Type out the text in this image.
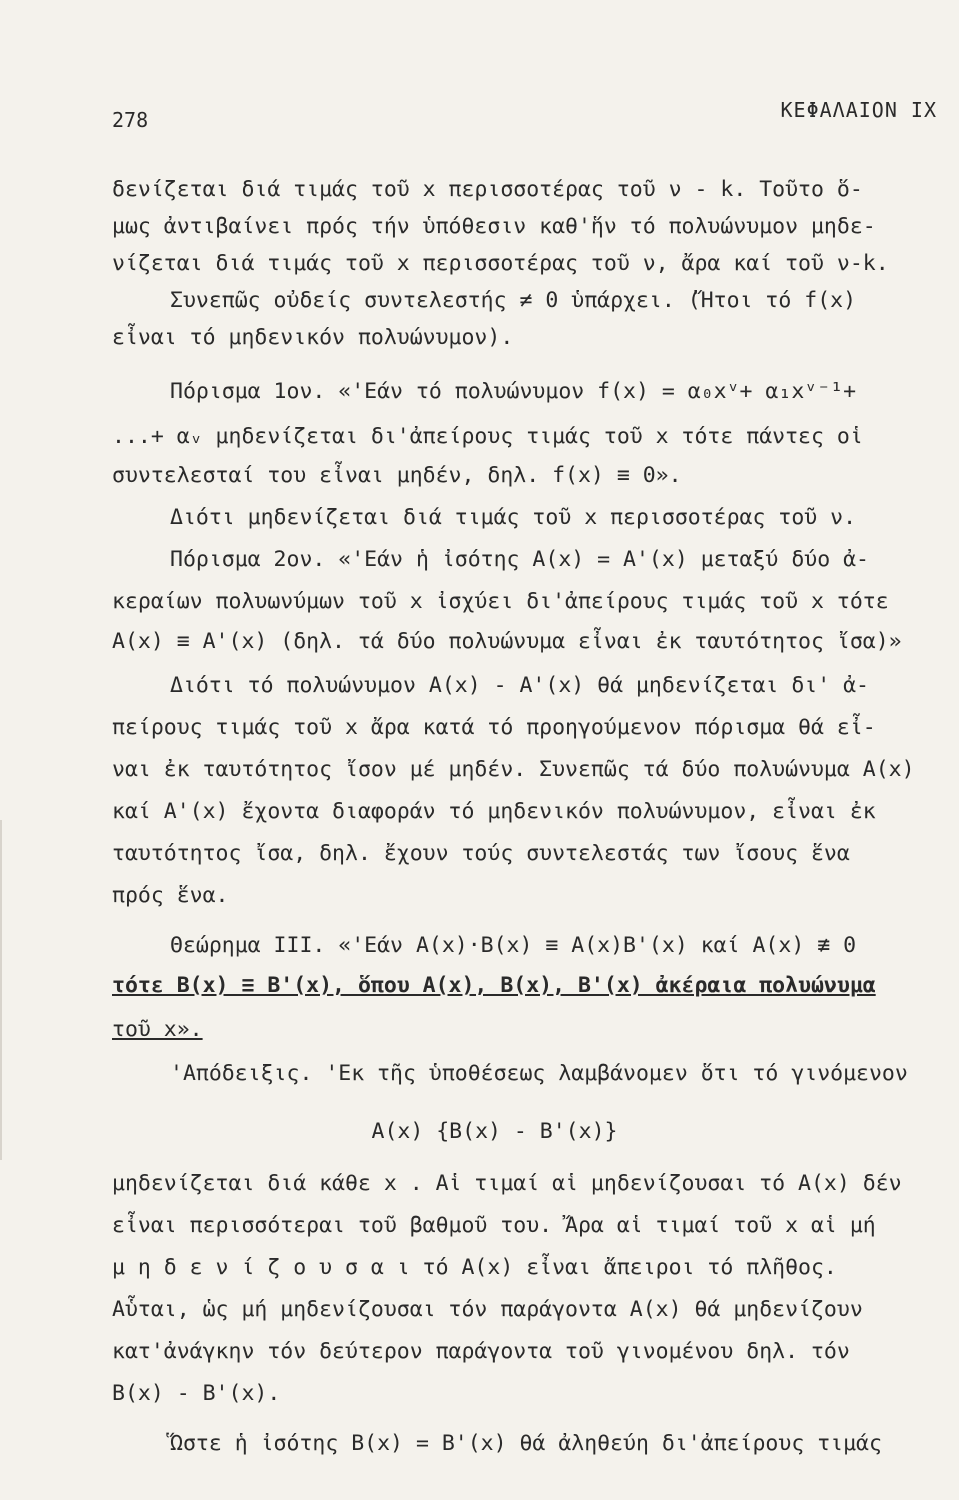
278	ΚΕΦΑΛΑΙΟΝ IX
δενίζεται διά τιμάς τοῦ x περισσοτέρας τοῦ ν - k. Τοῦτο ὅ-
μως ἀντιβαίνει πρός τήν ὑπόθεσιν καθ'ἥν τό πολυώνυμον μηδε-
νίζεται διά τιμάς τοῦ x περισσοτέρας τοῦ ν, ἄρα καί τοῦ ν-k.
Συνεπῶς οὐδείς συντελεστής ≠ 0 ὑπάρχει. (Ἤτοι τό f(x)
εἶναι τό μηδενικόν πολυώνυμον).
Πόρισμα 1ον. «'Εάν τό πολυώνυμον f(x) = α₀xᵛ+ α₁xᵛ⁻¹+
...+ αᵥ μηδενίζεται δι'ἀπείρους τιμάς τοῦ x τότε πάντες οἱ
συντελεσταί του εἶναι μηδέν, δηλ. f(x) ≡ 0».
Διότι μηδενίζεται διά τιμάς τοῦ x περισσοτέρας τοῦ ν.
Πόρισμα 2ον. «'Εάν ἡ ἰσότης A(x) = A'(x) μεταξύ δύο ἀ-
κεραίων πολυωνύμων τοῦ x ἰσχύει δι'ἀπείρους τιμάς τοῦ x τότε
A(x) ≡ A'(x) (δηλ. τά δύο πολυώνυμα εἶναι ἐκ ταυτότητος ἴσα)»
Διότι τό πολυώνυμον A(x) - A'(x) θά μηδενίζεται δι' ἀ-
πείρους τιμάς τοῦ x ἄρα κατά τό προηγούμενον πόρισμα θά εἶ-
ναι ἐκ ταυτότητος ἴσον μέ μηδέν. Συνεπῶς τά δύο πολυώνυμα A(x)
καί A'(x) ἔχοντα διαφοράν τό μηδενικόν πολυώνυμον, εἶναι ἐκ
ταυτότητος ἴσα, δηλ. ἔχουν τούς συντελεστάς των ἴσους ἕνα
πρός ἕνα.
Θεώρημα III. «'Εάν A(x)·B(x) ≡ A(x)B'(x) καί A(x) ≢ 0
τότε B(x) ≡ B'(x), ὅπου A(x), B(x), B'(x) ἀκέραια πολυώνυμα
τοῦ x».
'Απόδειξις. 'Εκ τῆς ὑποθέσεως λαμβάνομεν ὅτι τό γινόμενον
A(x) {B(x) - B'(x)}
μηδενίζεται διά κάθε x . Αἱ τιμαί αἱ μηδενίζουσαι τό A(x) δέν
εἶναι περισσότεραι τοῦ βαθμοῦ του. Ἄρα αἱ τιμαί τοῦ x αἱ μή
μ η δ ε ν ί ζ ο υ σ α ι τό A(x) εἶναι ἄπειροι τό πλῆθος.
Αὗται, ὡς μή μηδενίζουσαι τόν παράγοντα A(x) θά μηδενίζουν
κατ'ἀνάγκην τόν δεύτερον παράγοντα τοῦ γινομένου δηλ. τόν
B(x) - B'(x).
Ὥστε ἡ ἰσότης B(x) = B'(x) θά ἀληθεύη δι'ἀπείρους τιμάς
